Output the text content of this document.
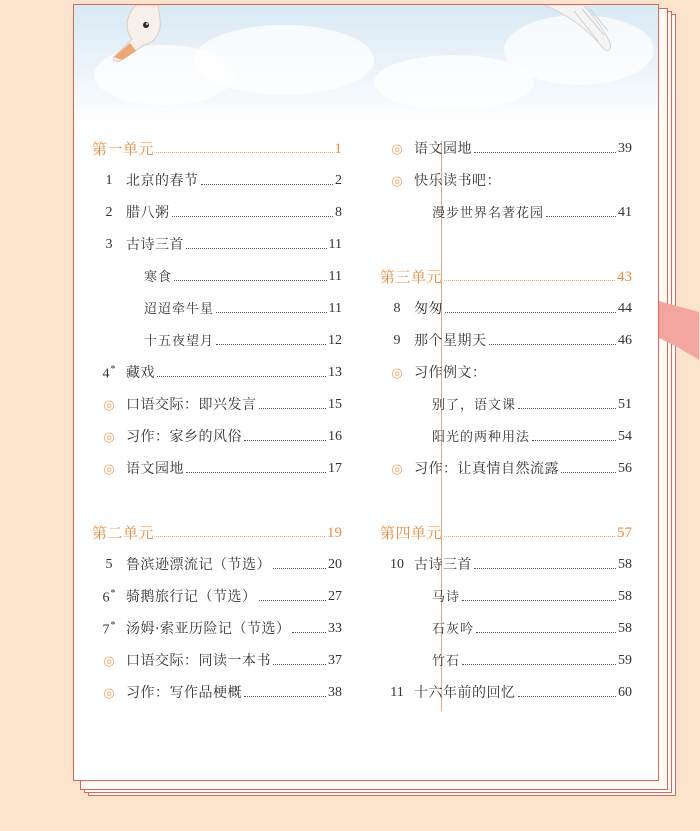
第一单元	1
1 北京的春节	2
2 腊八粥	8
3 古诗三首	11
寒食	11
迢迢牵牛星	11
十五夜望月	12
4* 藏戏	13
◎ 口语交际：即兴发言	15
◎ 习作：家乡的风俗	16
◎ 语文园地	17
第二单元	19
5 鲁滨逊漂流记（节选）	20
6* 骑鹅旅行记（节选）	27
7* 汤姆·索亚历险记（节选）	33
◎ 口语交际：同读一本书	37
◎ 习作：写作品梗概	38
◎ 语文园地	39
◎ 快乐读书吧：
漫步世界名著花园	41
第三单元	43
8 匆匆	44
9 那个星期天	46
◎ 习作例文：
别了，语文课	51
阳光的两种用法	54
◎ 习作：让真情自然流露	56
第四单元	57
10 古诗三首	58
马诗	58
石灰吟	58
竹石	59
11 十六年前的回忆	60
